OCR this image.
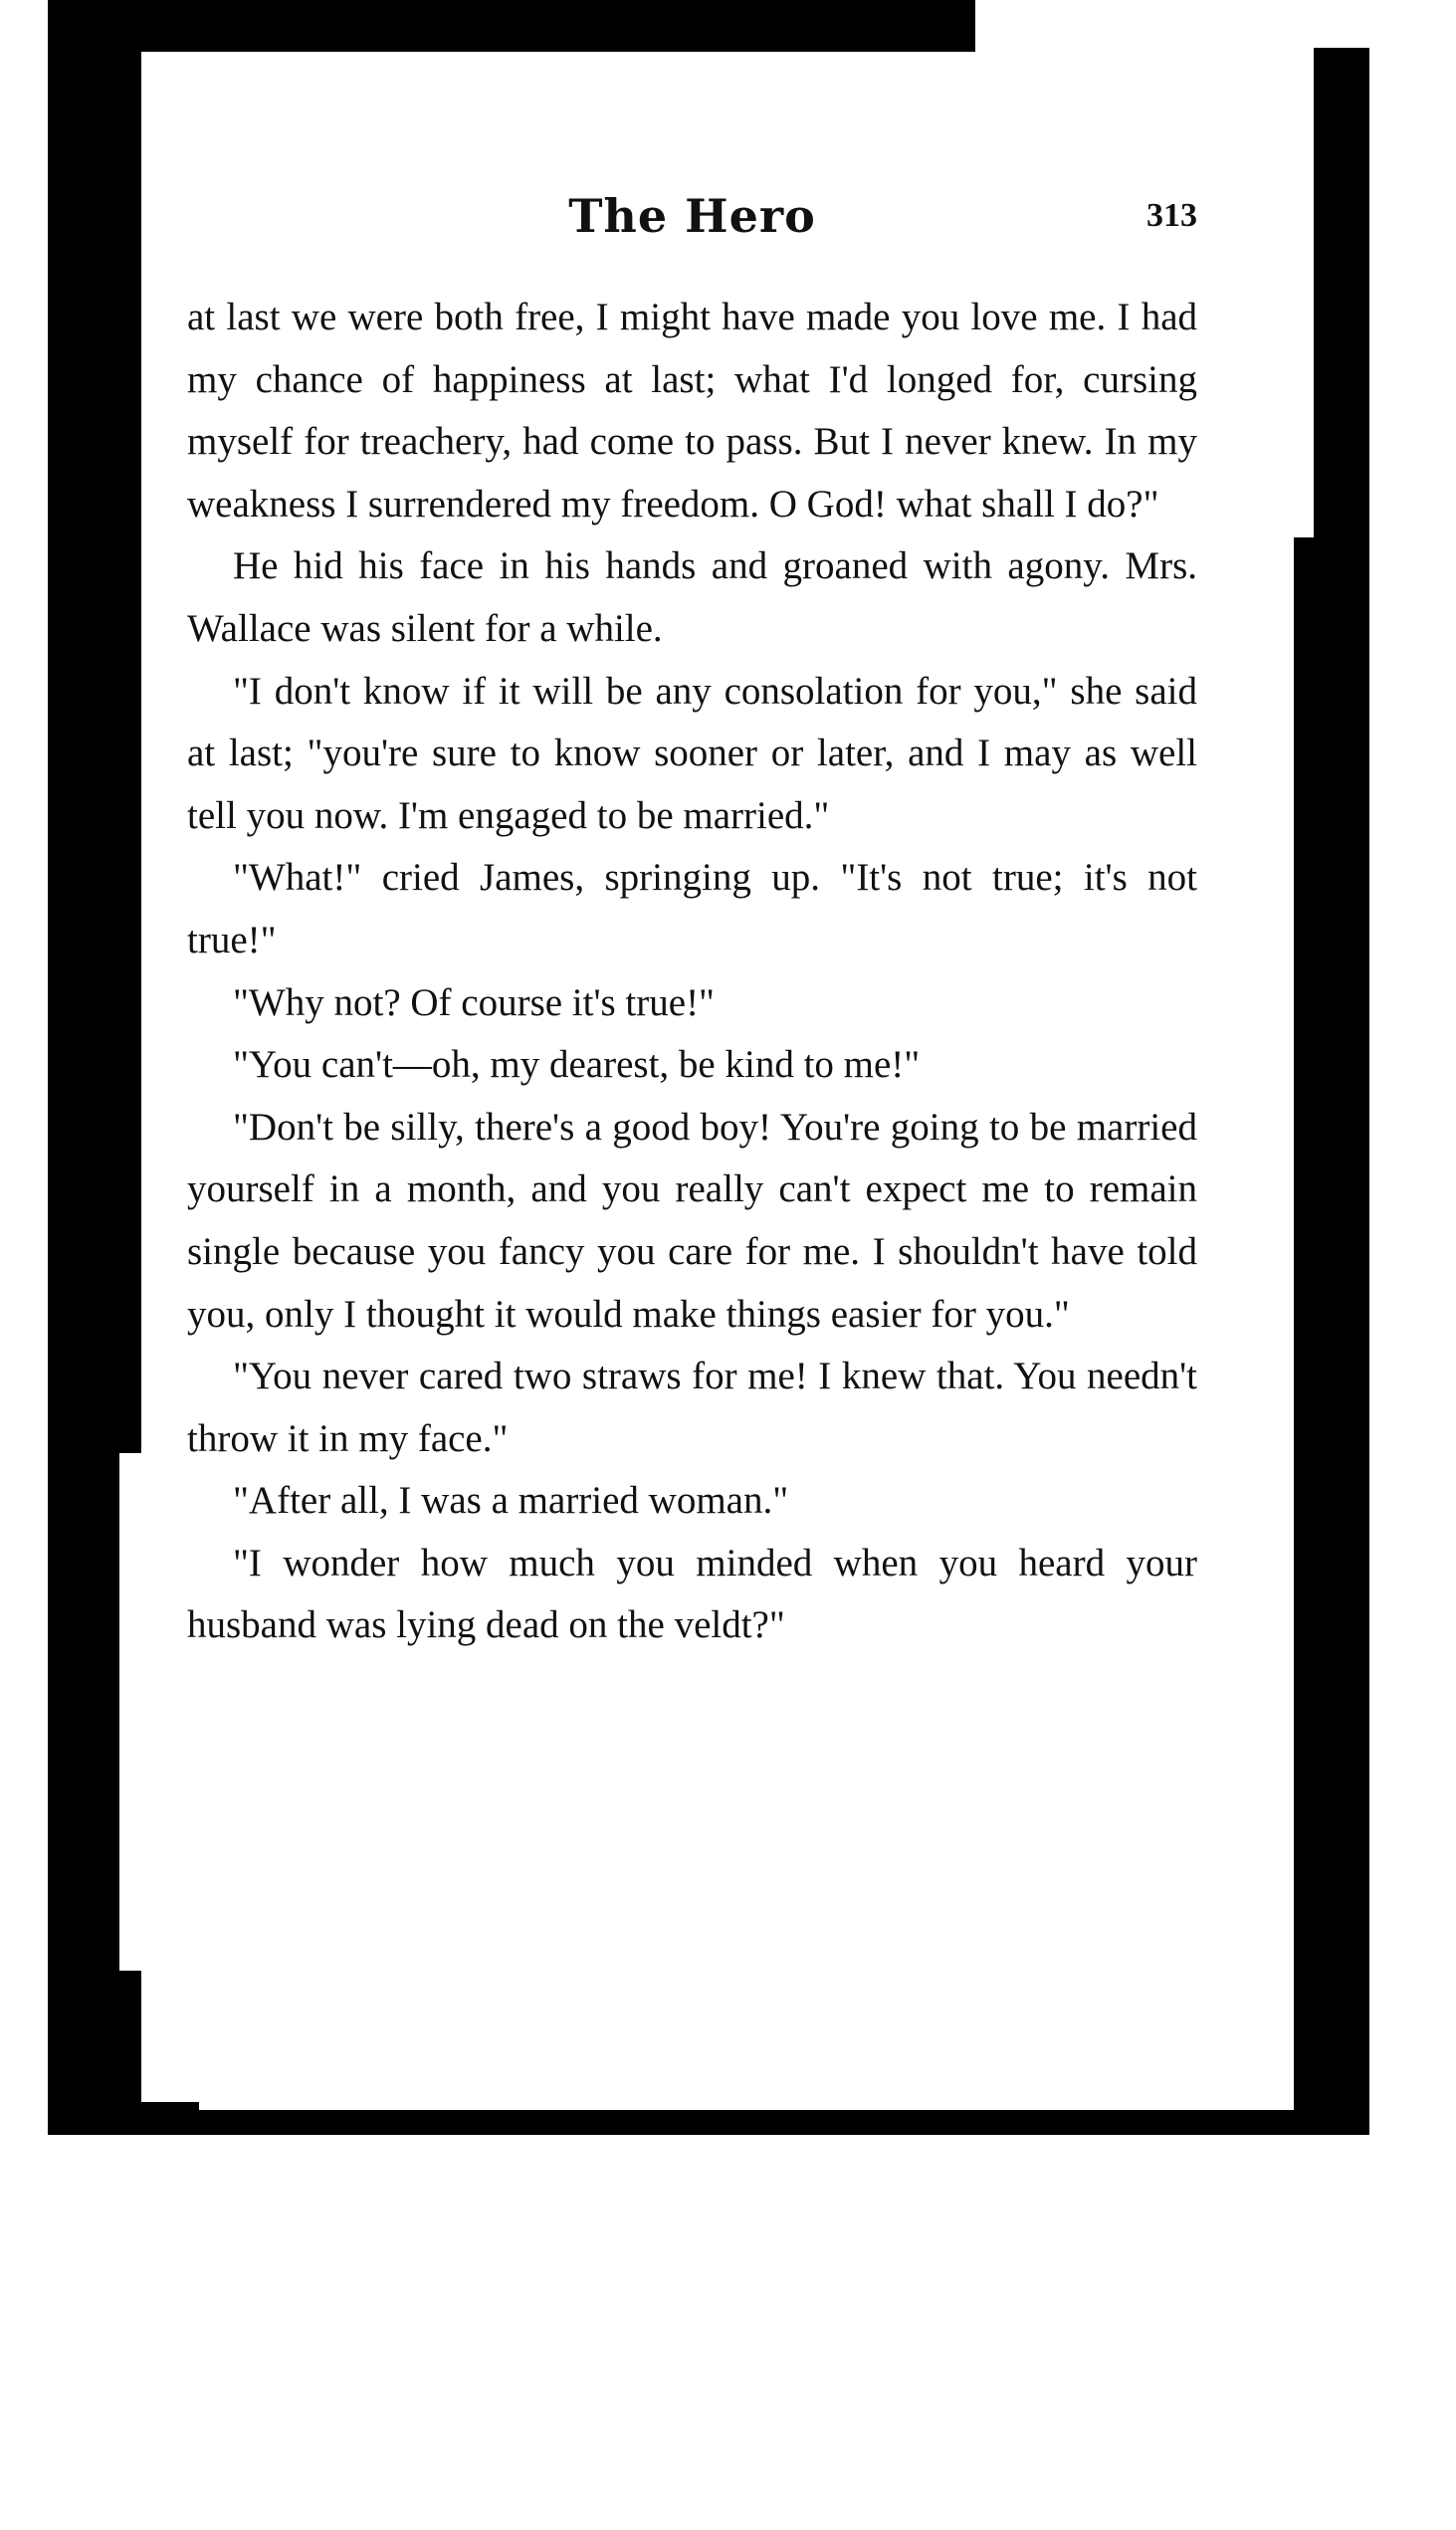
The Hero	313

at last we were both free, I might have made you love me. I had my chance of happiness at last; what I'd longed for, cursing myself for treachery, had come to pass. But I never knew. In my weakness I surrendered my freedom. O God! what shall I do?"

He hid his face in his hands and groaned with agony. Mrs. Wallace was silent for a while.

"I don't know if it will be any consolation for you," she said at last; "you're sure to know sooner or later, and I may as well tell you now. I'm engaged to be married."

"What!" cried James, springing up. "It's not true; it's not true!"

"Why not? Of course it's true!"

"You can't—oh, my dearest, be kind to me!"

"Don't be silly, there's a good boy! You're going to be married yourself in a month, and you really can't expect me to remain single because you fancy you care for me. I shouldn't have told you, only I thought it would make things easier for you."

"You never cared two straws for me! I knew that. You needn't throw it in my face."

"After all, I was a married woman."

"I wonder how much you minded when you heard your husband was lying dead on the veldt?"
